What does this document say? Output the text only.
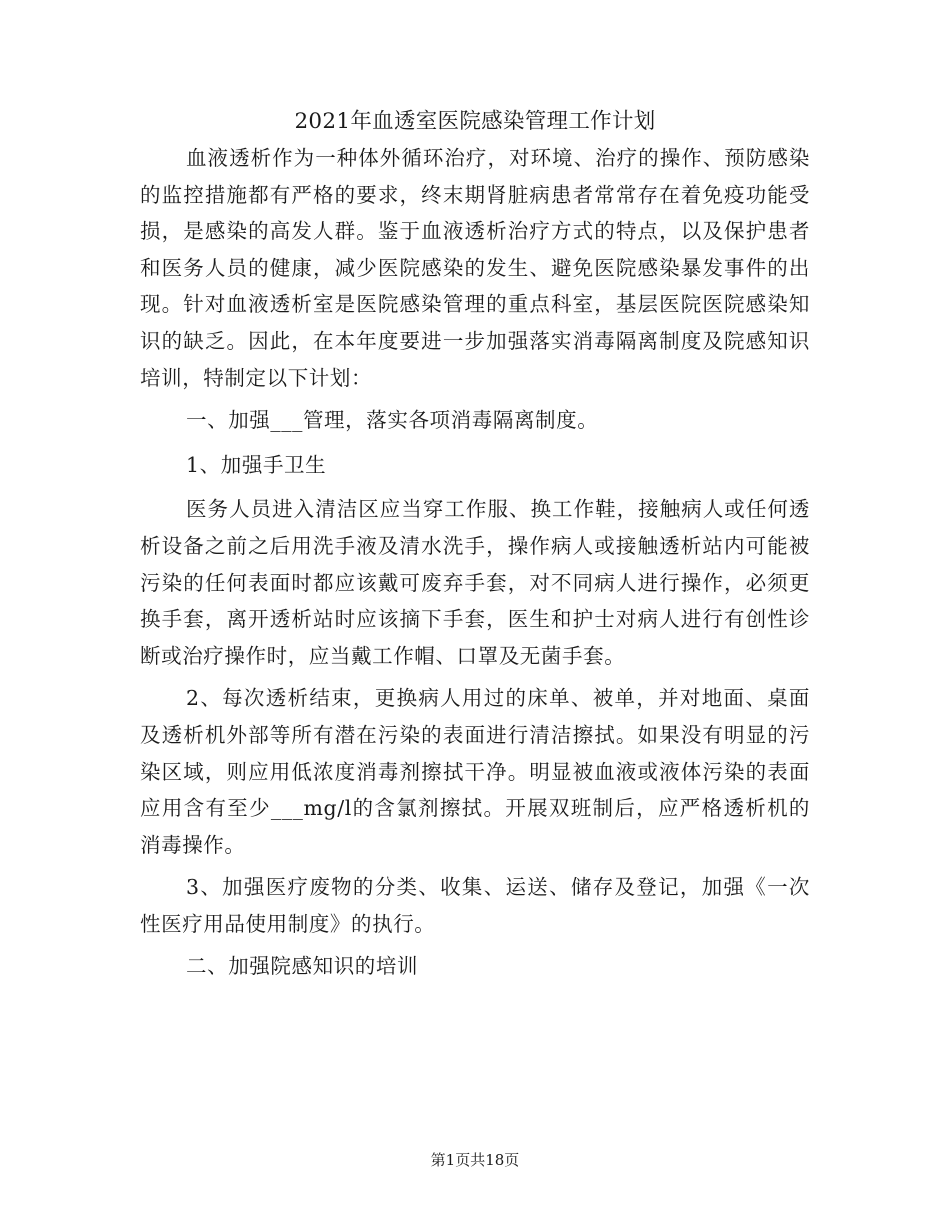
2021年血透室医院感染管理工作计划

血液透析作为一种体外循环治疗，对环境、治疗的操作、预防感染的监控措施都有严格的要求，终末期肾脏病患者常常存在着免疫功能受损，是感染的高发人群。鉴于血液透析治疗方式的特点，以及保护患者和医务人员的健康，减少医院感染的发生、避免医院感染暴发事件的出现。针对血液透析室是医院感染管理的重点科室，基层医院医院感染知识的缺乏。因此，在本年度要进一步加强落实消毒隔离制度及院感知识培训，特制定以下计划：

一、加强___管理，落实各项消毒隔离制度。

1、加强手卫生

医务人员进入清洁区应当穿工作服、换工作鞋，接触病人或任何透析设备之前之后用洗手液及清水洗手，操作病人或接触透析站内可能被污染的任何表面时都应该戴可废弃手套，对不同病人进行操作，必须更换手套，离开透析站时应该摘下手套，医生和护士对病人进行有创性诊断或治疗操作时，应当戴工作帽、口罩及无菌手套。

2、每次透析结束，更换病人用过的床单、被单，并对地面、桌面及透析机外部等所有潜在污染的表面进行清洁擦拭。如果没有明显的污染区域，则应用低浓度消毒剂擦拭干净。明显被血液或液体污染的表面应用含有至少___mg/l的含氯剂擦拭。开展双班制后，应严格透析机的消毒操作。

3、加强医疗废物的分类、收集、运送、储存及登记，加强《一次性医疗用品使用制度》的执行。

二、加强院感知识的培训

第1页共18页
